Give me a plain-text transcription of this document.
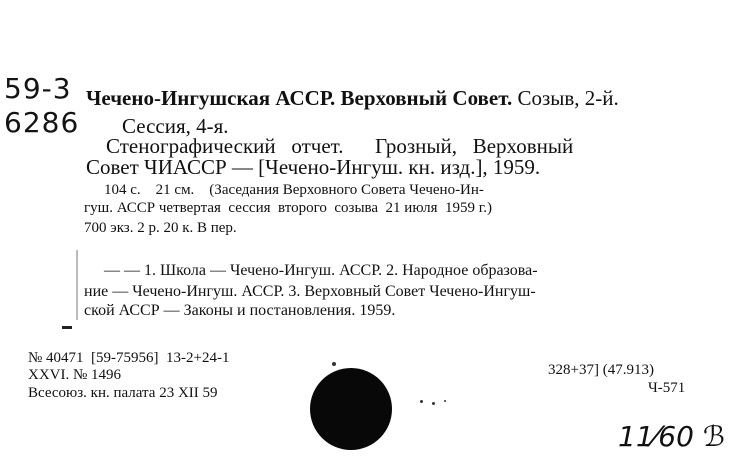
59-3
6286
Чечено-Ингушская АССР. Верховный Совет. Созыв, 2-й.
Сессия, 4-я.
Стенографический   отчет.      Грозный,   Верховный
Совет ЧИАССР — [Чечено-Ингуш. кн. изд.], 1959.
104 с.    21 см.    (Заседания Верховного Совета Чечено-Ин-
гуш. АССР четвертая  сессия  второго  созыва  21 июля  1959 г.)
700 экз. 2 р. 20 к. В пер.
— — 1. Школа — Чечено-Ингуш. АССР. 2. Народное образова-
ние — Чечено-Ингуш. АССР. 3. Верховный Совет Чечено-Ингуш-
ской АССР — Законы и постановления. 1959.
№ 40471  [59-75956]  13-2+24-1
XXVI. № 1496
Всесоюз. кн. палата 23 XII 59
328+37] (47.913)
Ч-571
11⁄60 ℬ
